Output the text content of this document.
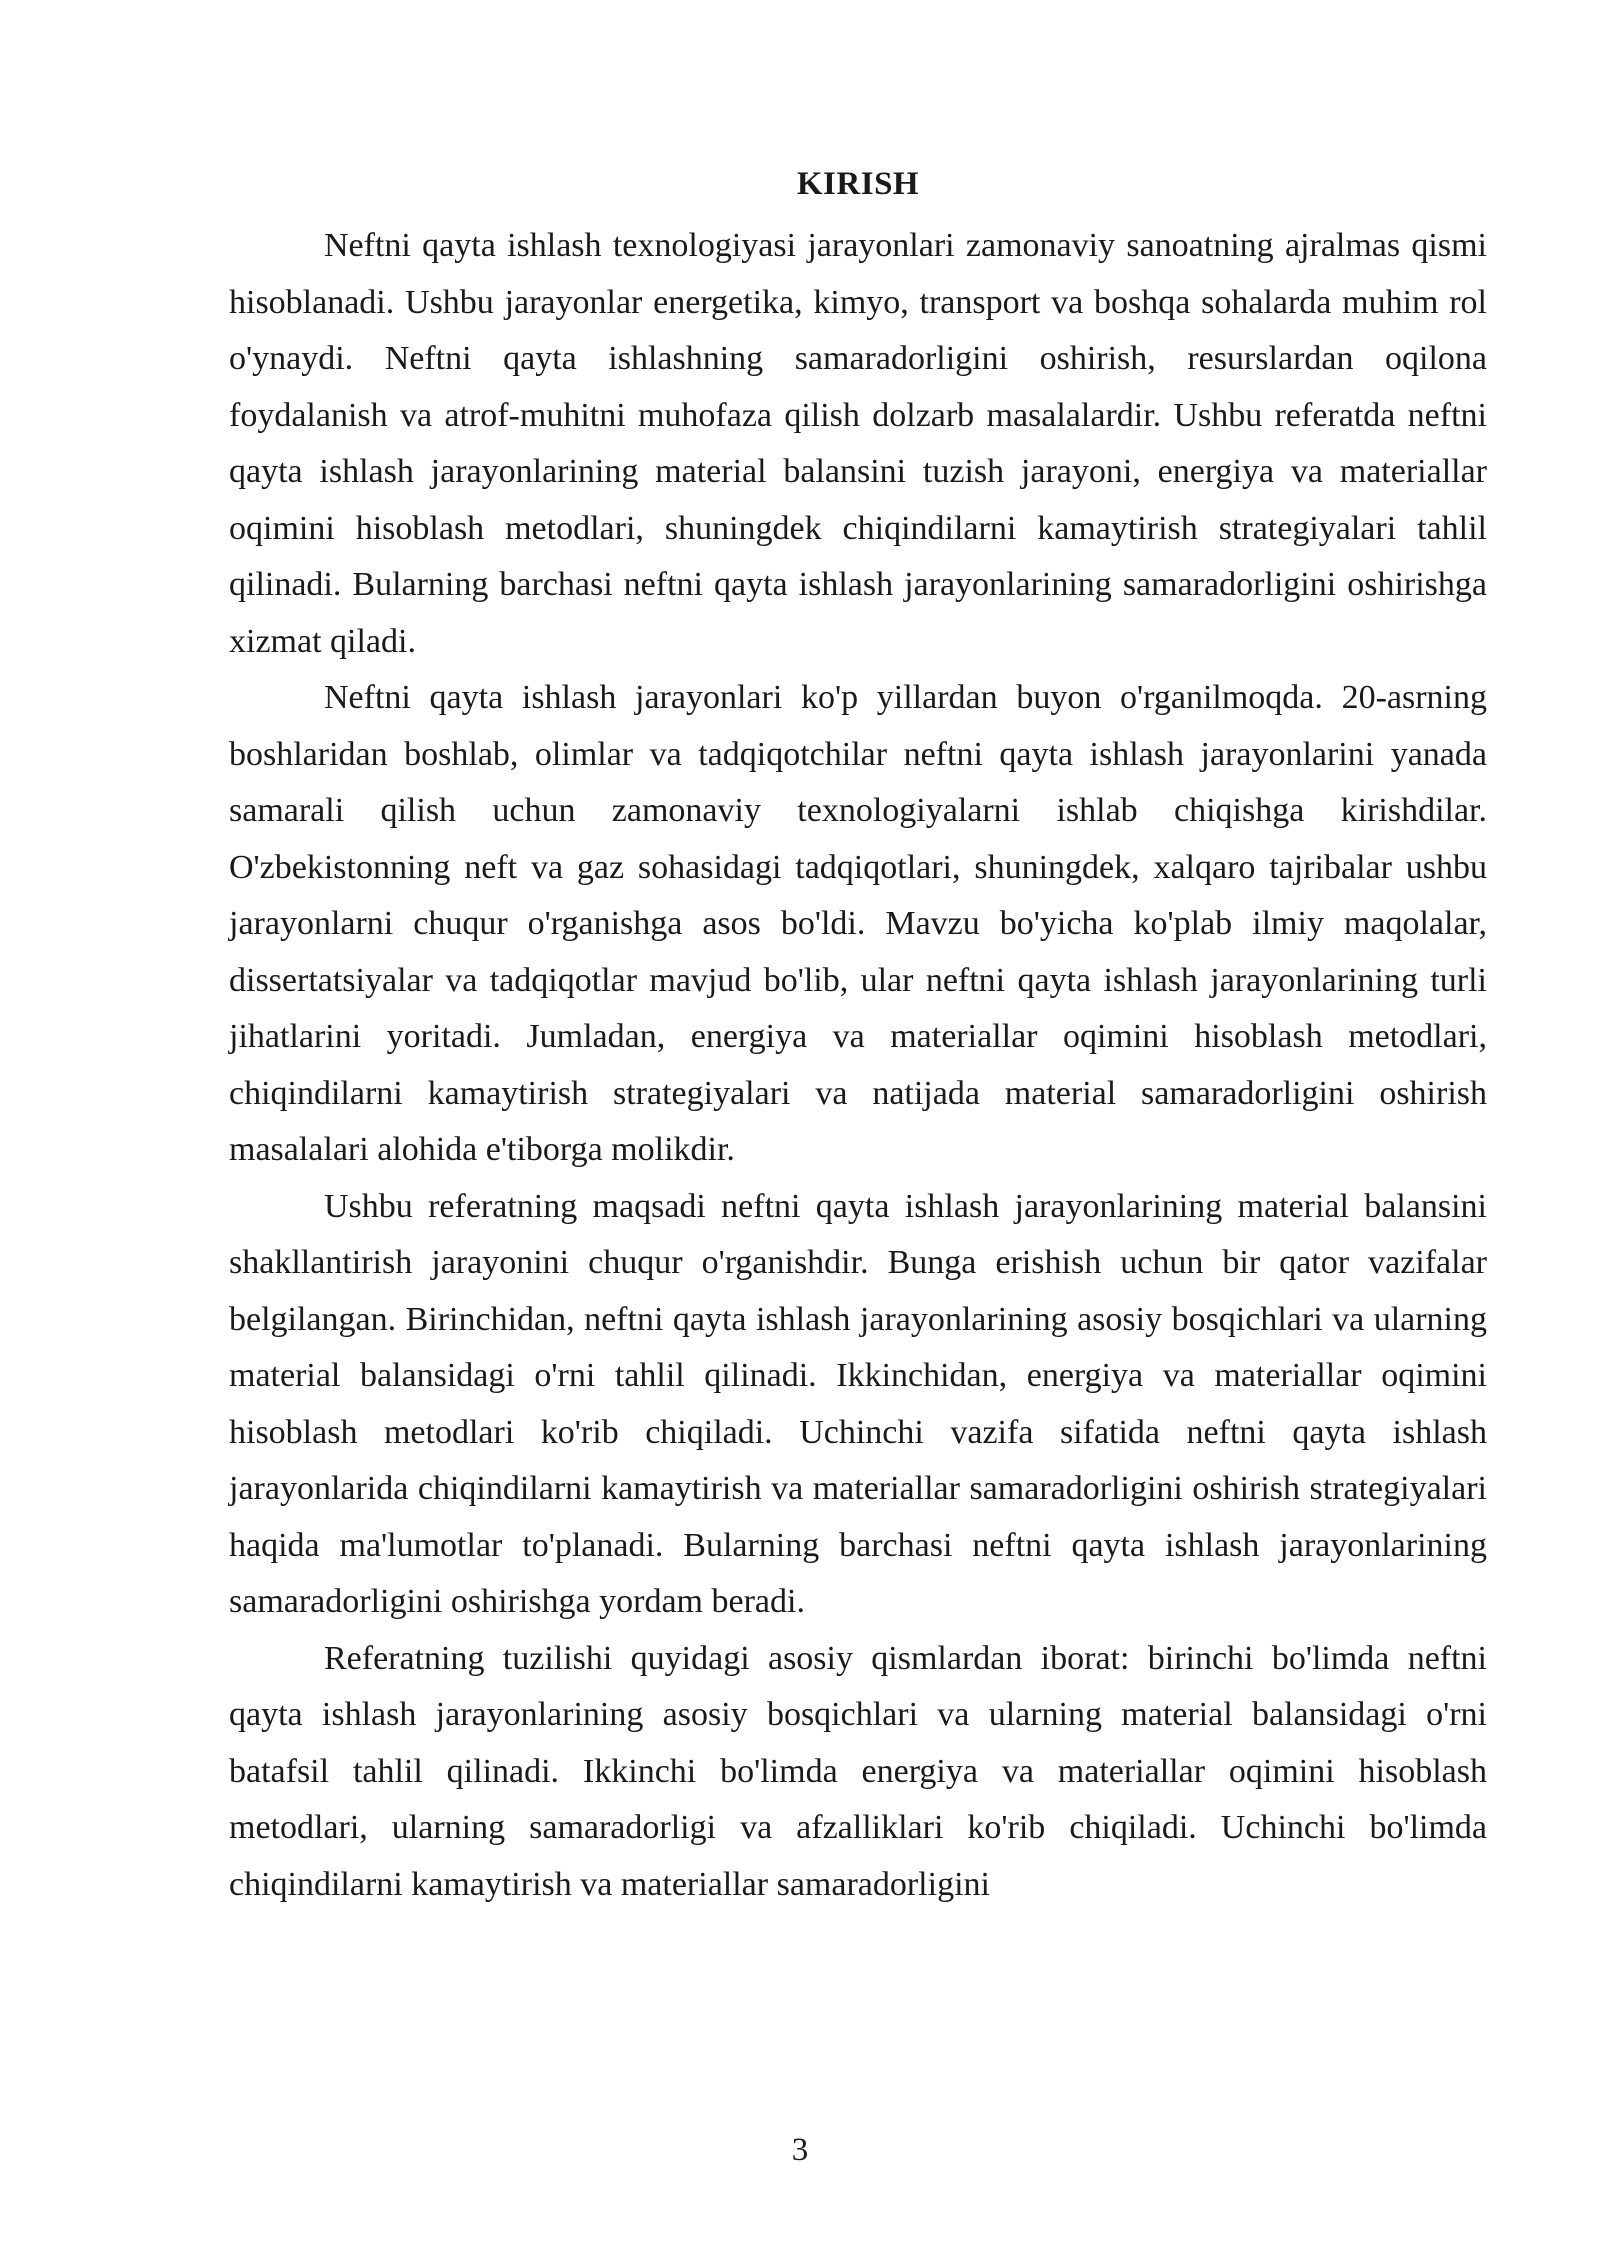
KIRISH

Neftni qayta ishlash texnologiyasi jarayonlari zamonaviy sanoatning ajralmas qismi hisoblanadi. Ushbu jarayonlar energetika, kimyo, transport va boshqa sohalarda muhim rol o'ynaydi. Neftni qayta ishlashning samaradorligini oshirish, resurslardan oqilona foydalanish va atrof-muhitni muhofaza qilish dolzarb masalalardir. Ushbu referatda neftni qayta ishlash jarayonlarining material balansini tuzish jarayoni, energiya va materiallar oqimini hisoblash metodlari, shuningdek chiqindilarni kamaytirish strategiyalari tahlil qilinadi. Bularning barchasi neftni qayta ishlash jarayonlarining samaradorligini oshirishga xizmat qiladi.

Neftni qayta ishlash jarayonlari ko'p yillardan buyon o'rganilmoqda. 20-asrning boshlaridan boshlab, olimlar va tadqiqotchilar neftni qayta ishlash jarayonlarini yanada samarali qilish uchun zamonaviy texnologiyalarni ishlab chiqishga kirishdilar. O'zbekistonning neft va gaz sohasidagi tadqiqotlari, shuningdek, xalqaro tajribalar ushbu jarayonlarni chuqur o'rganishga asos bo'ldi. Mavzu bo'yicha ko'plab ilmiy maqolalar, dissertatsiyalar va tadqiqotlar mavjud bo'lib, ular neftni qayta ishlash jarayonlarining turli jihatlarini yoritadi. Jumladan, energiya va materiallar oqimini hisoblash metodlari, chiqindilarni kamaytirish strategiyalari va natijada material samaradorligini oshirish masalalari alohida e'tiborga molikdir.

Ushbu referatning maqsadi neftni qayta ishlash jarayonlarining material balansini shakllantirish jarayonini chuqur o'rganishdir. Bunga erishish uchun bir qator vazifalar belgilangan. Birinchidan, neftni qayta ishlash jarayonlarining asosiy bosqichlari va ularning material balansidagi o'rni tahlil qilinadi. Ikkinchidan, energiya va materiallar oqimini hisoblash metodlari ko'rib chiqiladi. Uchinchi vazifa sifatida neftni qayta ishlash jarayonlarida chiqindilarni kamaytirish va materiallar samaradorligini oshirish strategiyalari haqida ma'lumotlar to'planadi. Bularning barchasi neftni qayta ishlash jarayonlarining samaradorligini oshirishga yordam beradi.

Referatning tuzilishi quyidagi asosiy qismlardan iborat: birinchi bo'limda neftni qayta ishlash jarayonlarining asosiy bosqichlari va ularning material balansidagi o'rni batafsil tahlil qilinadi. Ikkinchi bo'limda energiya va materiallar oqimini hisoblash metodlari, ularning samaradorligi va afzalliklari ko'rib chiqiladi. Uchinchi bo'limda chiqindilarni kamaytirish va materiallar samaradorligini

3
